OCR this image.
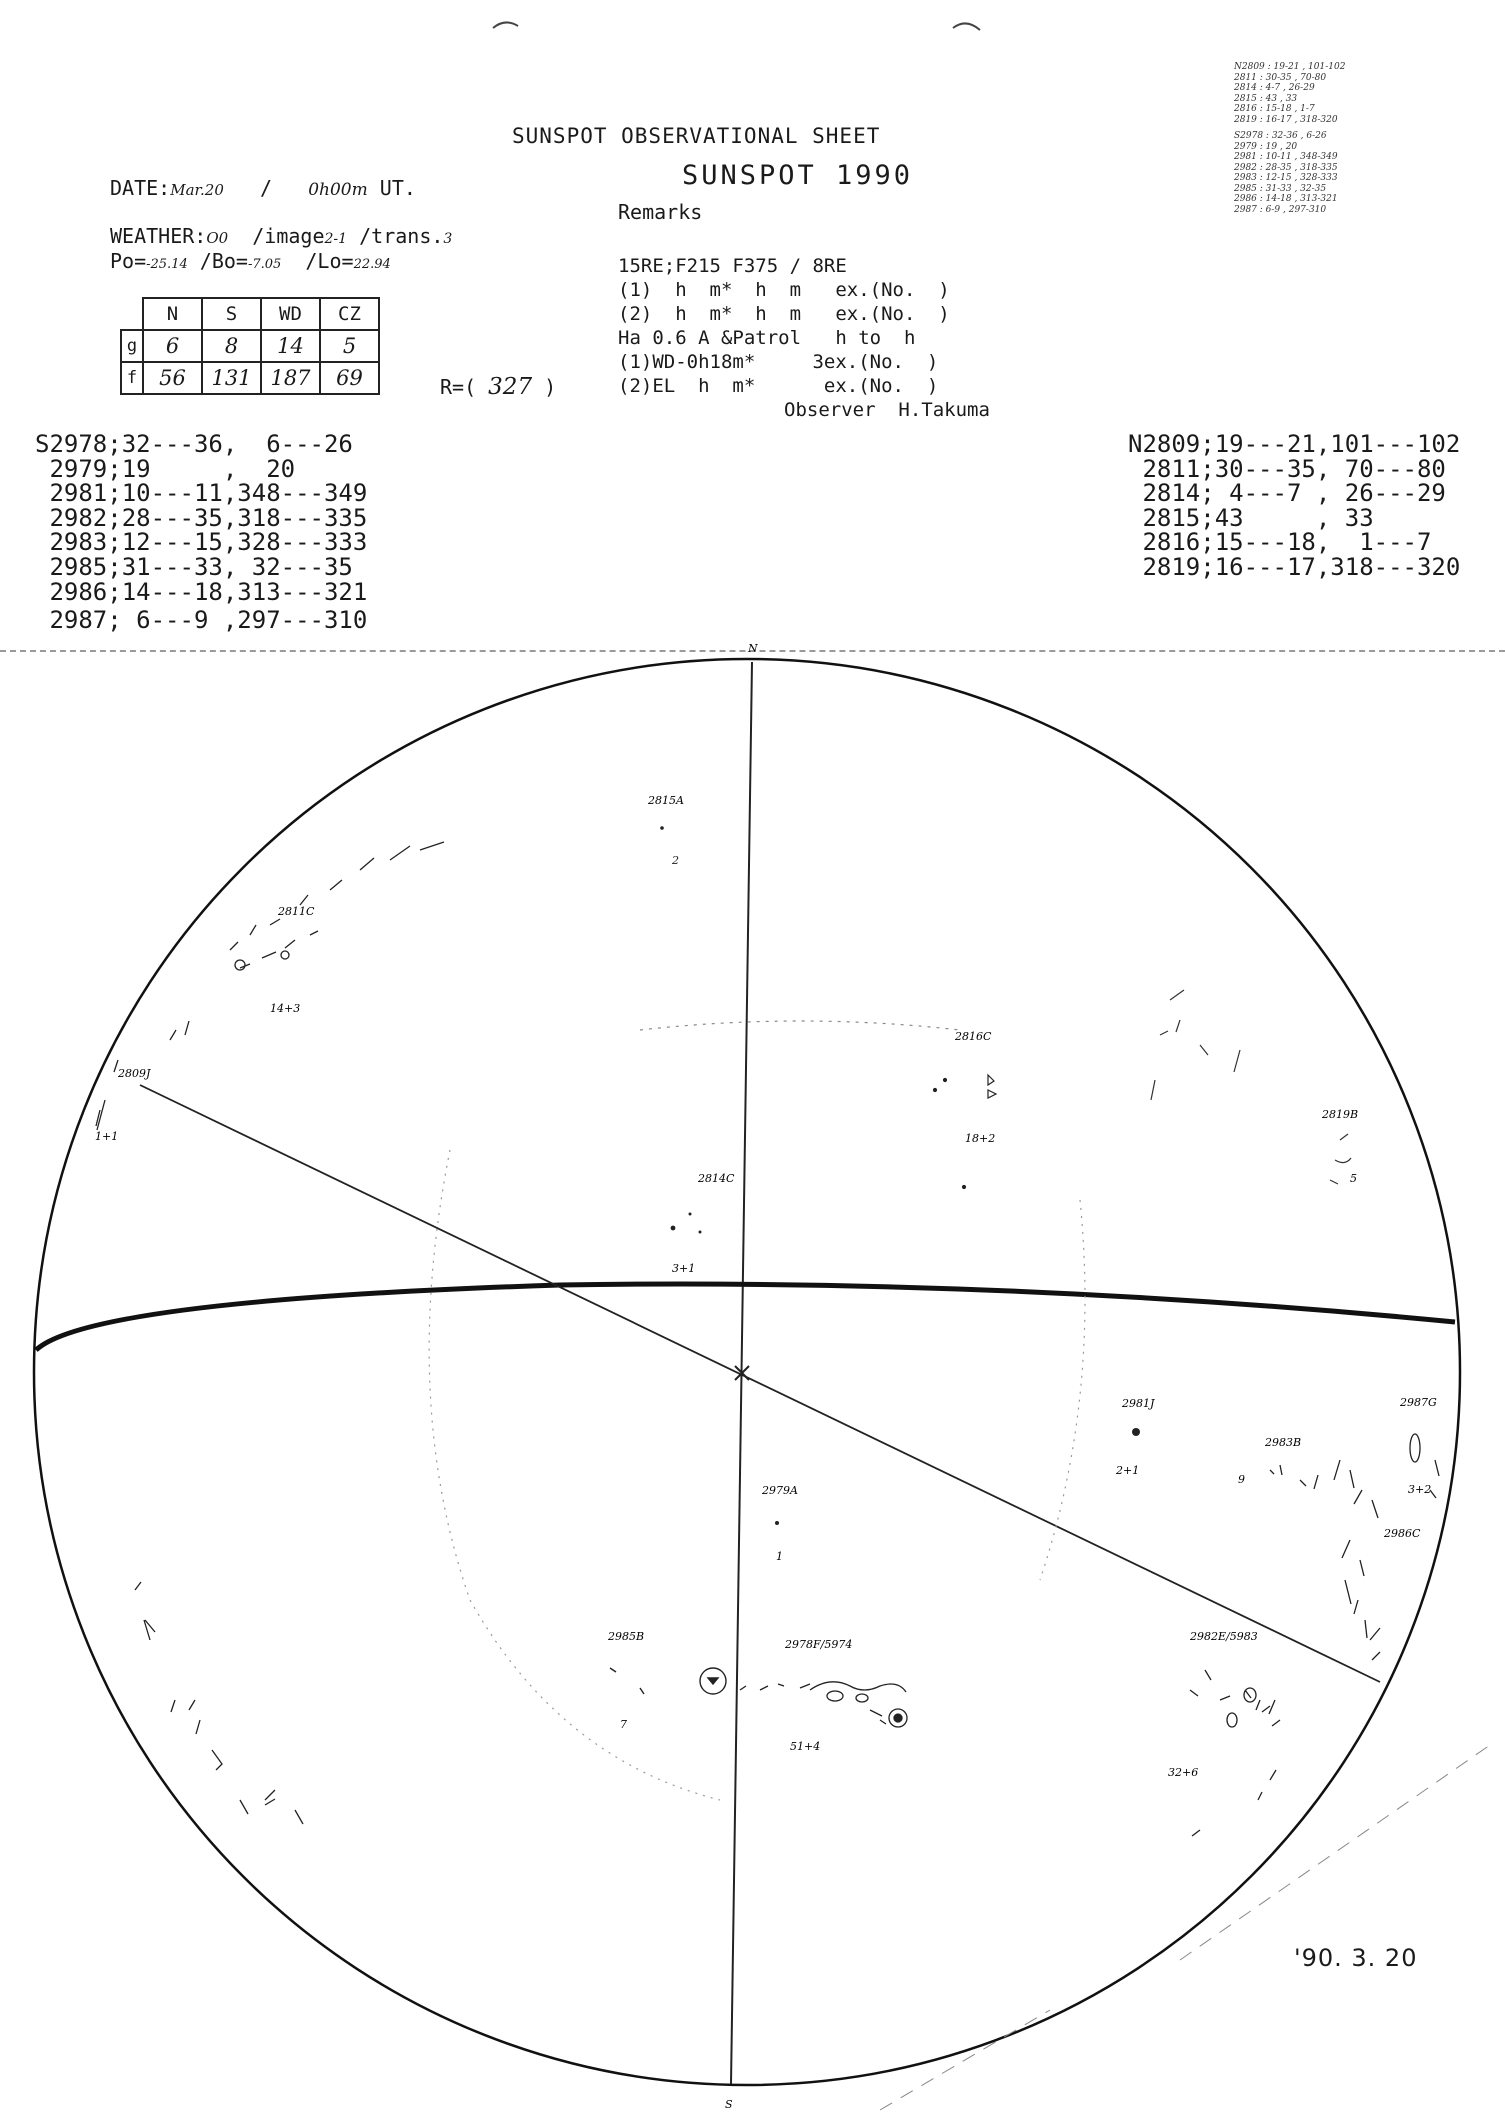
SUNSPOT OBSERVATIONAL SHEET
DATE:Mar.20 / 0h00m UT.	SUNSPOT 1990
Remarks
WEATHER:O0 /image2-1 /trans.3
Po=-25.14 /Bo=-7.05 /Lo=22.94
	N	S	WD	CZ
g	6	8	14	5
f	56	131	187	69	R=( 327 )
15RE;F215 F375 / 8RE
(1)  h  m*  h  m   ex.(No.  )
(2)  h  m*  h  m   ex.(No.  )
Ha 0.6 A &Patrol   h to  h
(1)WD-0h18m*     3ex.(No.  )
(2)EL  h  m*      ex.(No.  )
Observer  H.Takuma
N2809 : 19-21 , 101-102
2811 : 30-35 , 70-80
2814 : 4-7 , 26-29
2815 : 43 , 33
2816 : 15-18 , 1-7
2819 : 16-17 , 318-320
S2978 : 32-36 , 6-26
2979 : 19 , 20
2981 : 10-11 , 348-349
2982 : 28-35 , 318-335
2983 : 12-15 , 328-333
2985 : 31-33 , 32-35
2986 : 14-18 , 313-321
2987 : 6-9 , 297-310
S2978;32---36,  6---26
2979;19     ,  20
2981;10---11,348---349
2982;28---35,318---335
2983;12---15,328---333
2985;31---33, 32---35
2986;14---18,313---321
2987; 6---9 ,297---310
N2809;19---21,101---102
2811;30---35, 70---80
2814; 4---7 , 26---29
2815;43     , 33
2816;15---18,  1---7
2819;16---17,318---320
2
N
S
2815A
2811C
14+3
2809J
1+1
2816C
18+2
2819B
5
2814C
3+1
2981J
2+1
2987G
2983B
9
3+2
2986C
2979A
1
2985B
7
2978F/5974
51+4
2982E/5983
32+6
'90. 3. 20
